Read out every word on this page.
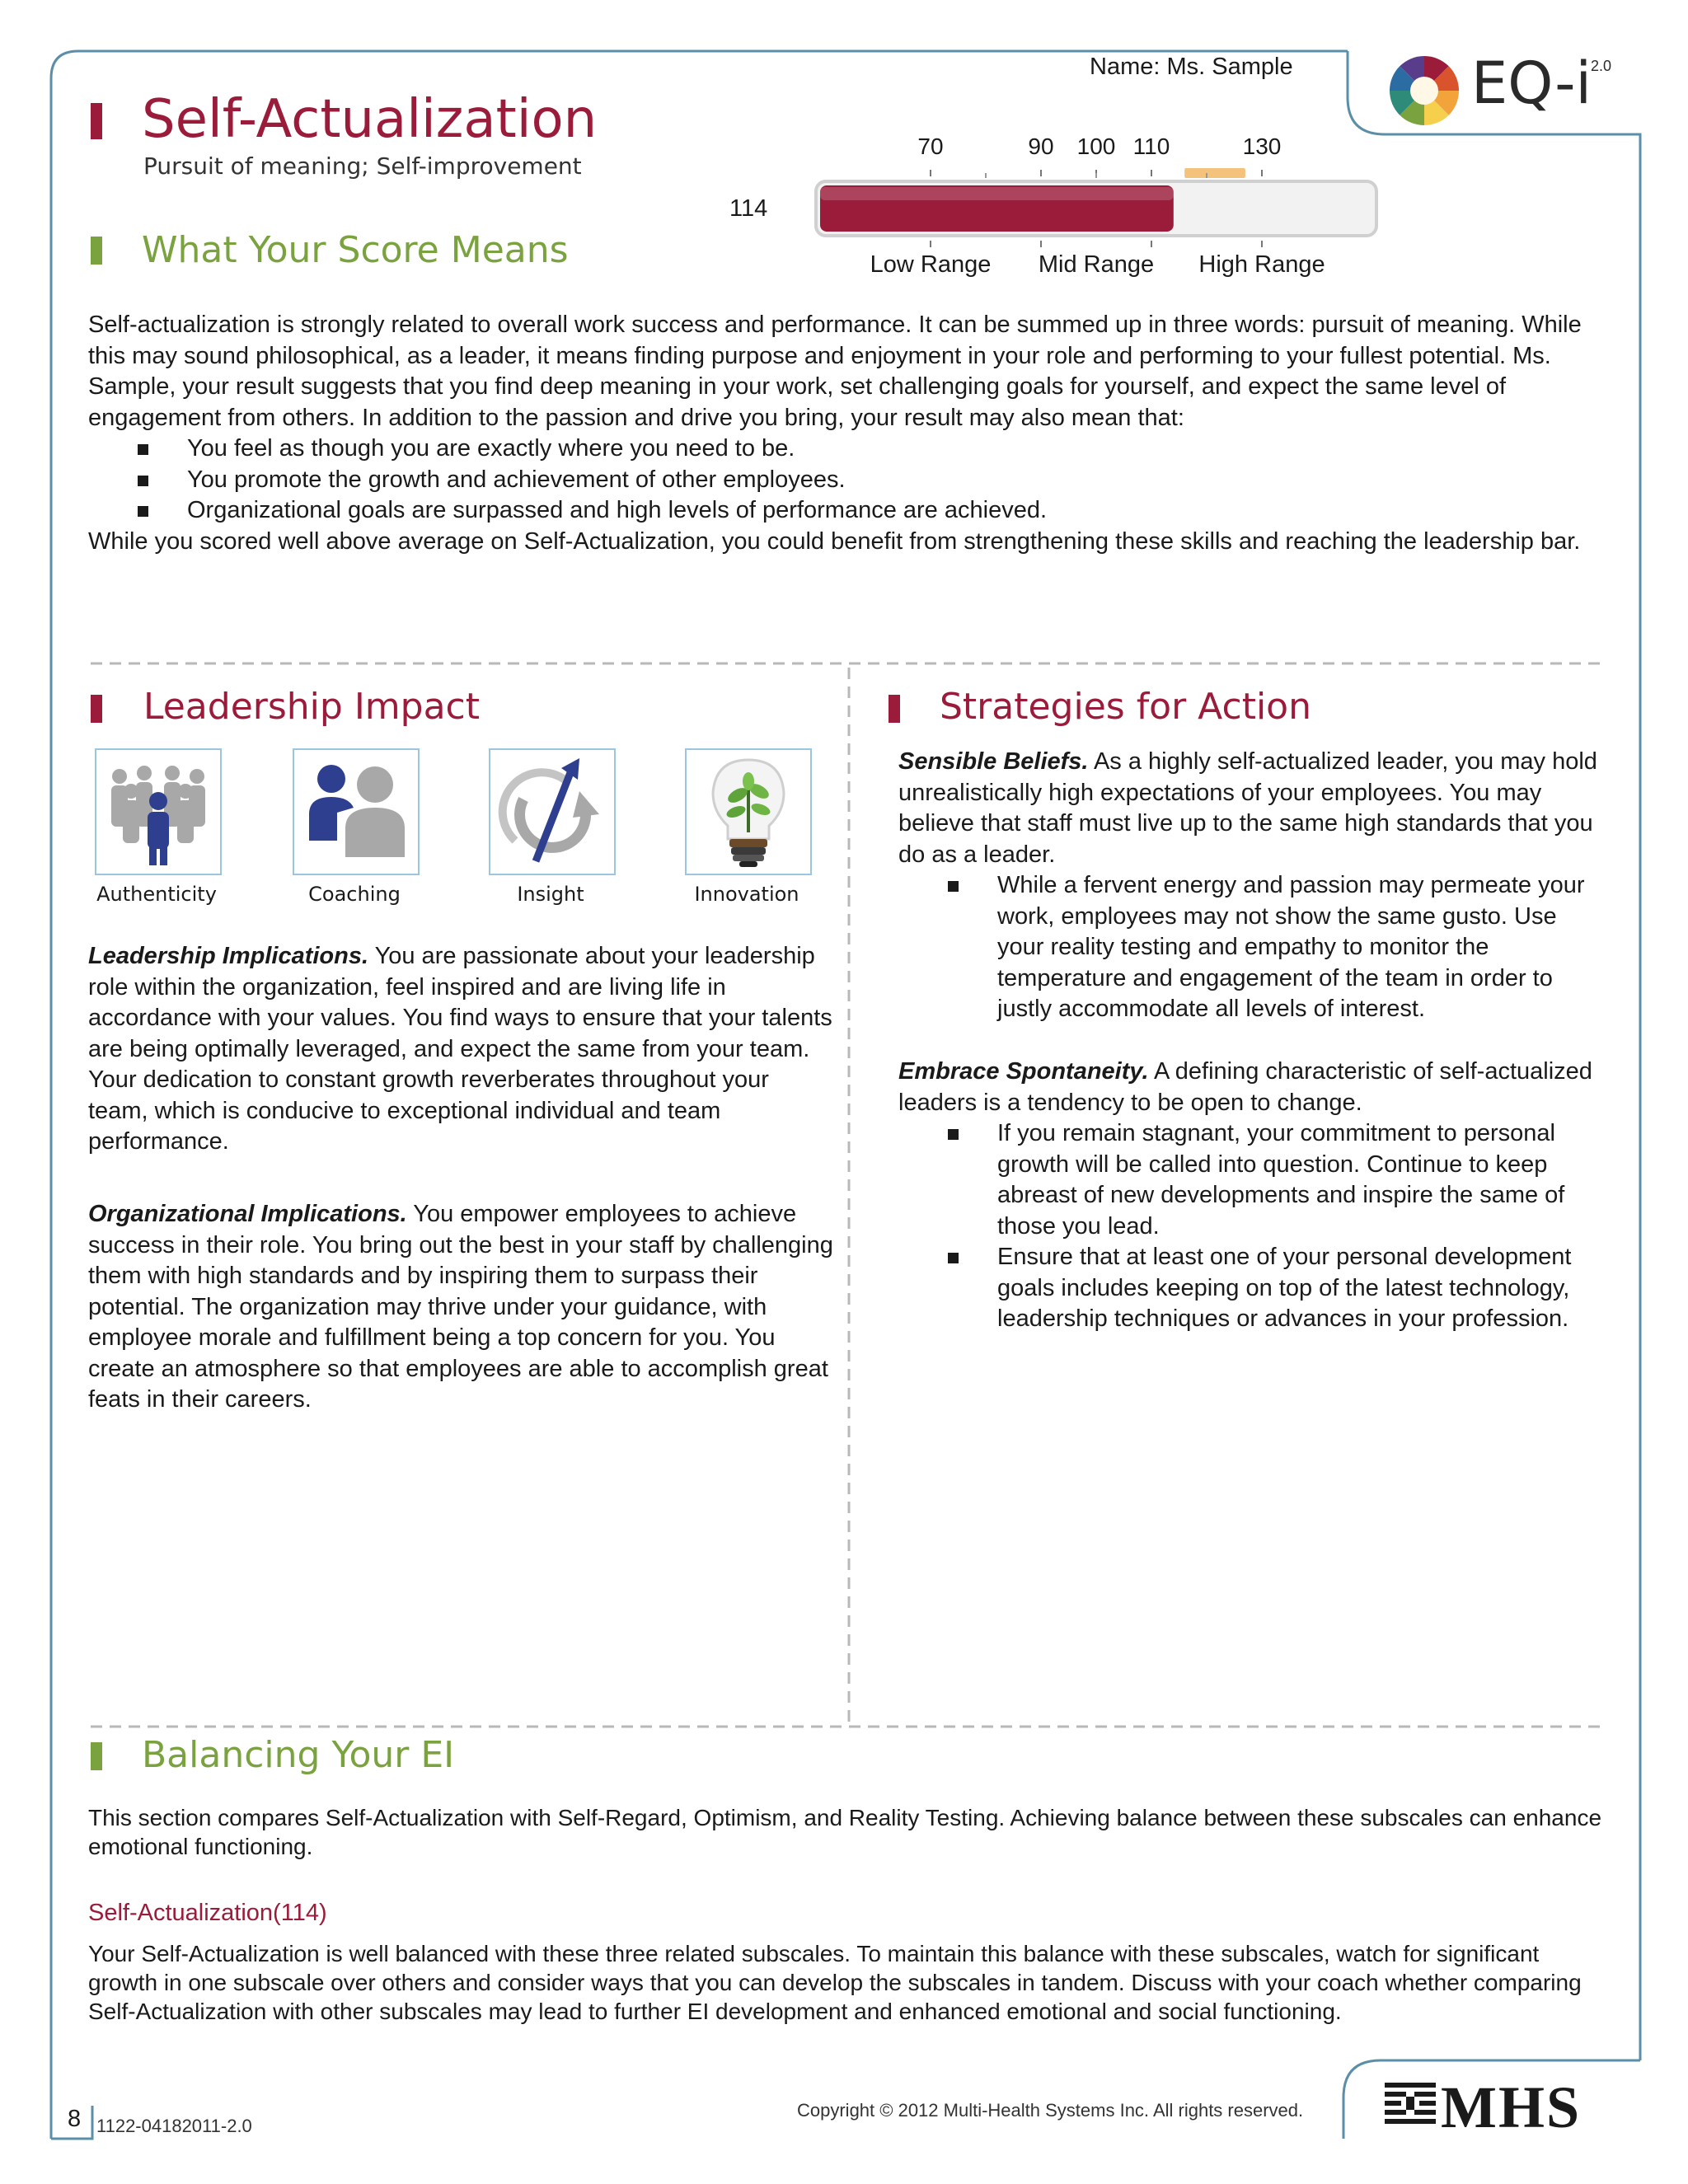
Name: Ms. Sample	EQ-i 2.0
Self-Actualization
Pursuit of meaning; Self-improvement
114
70	90 100 110	130
Low Range Mid Range High Range
What Your Score Means

Self-actualization is strongly related to overall work success and performance. It can be summed up in three words: pursuit of meaning. While this may sound philosophical, as a leader, it means finding purpose and enjoyment in your role and performing to your fullest potential. Ms. Sample, your result suggests that you find deep meaning in your work, set challenging goals for yourself, and expect the same level of engagement from others. In addition to the passion and drive you bring, your result may also mean that:

You feel as though you are exactly where you need to be.
You promote the growth and achievement of other employees.
Organizational goals are surpassed and high levels of performance are achieved.

While you scored well above average on Self-Actualization, you could benefit from strengthening these skills and reaching the leadership bar.

Leadership Impact
Authenticity	Coaching	Insight	Innovation

Leadership Implications. You are passionate about your leadership role within the organization, feel inspired and are living life in accordance with your values. You find ways to ensure that your talents are being optimally leveraged, and expect the same from your team. Your dedication to constant growth reverberates throughout your team, which is conducive to exceptional individual and team performance.

Organizational Implications. You empower employees to achieve success in their role. You bring out the best in your staff by challenging them with high standards and by inspiring them to surpass their potential. The organization may thrive under your guidance, with employee morale and fulfillment being a top concern for you. You create an atmosphere so that employees are able to accomplish great feats in their careers.

Strategies for Action

Sensible Beliefs. As a highly self-actualized leader, you may hold unrealistically high expectations of your employees. You may believe that staff must live up to the same high standards that you do as a leader.

While a fervent energy and passion may permeate your work, employees may not show the same gusto. Use your reality testing and empathy to monitor the temperature and engagement of the team in order to justly accommodate all levels of interest.

Embrace Spontaneity. A defining characteristic of self-actualized leaders is a tendency to be open to change.

If you remain stagnant, your commitment to personal growth will be called into question. Continue to keep abreast of new developments and inspire the same of those you lead.
Ensure that at least one of your personal development goals includes keeping on top of the latest technology, leadership techniques or advances in your profession.
Balancing Your EI
This section compares Self-Actualization with Self-Regard, Optimism, and Reality Testing. Achieving balance between these subscales can enhance emotional functioning.
Self-Actualization(114)
Your Self-Actualization is well balanced with these three related subscales. To maintain this balance with these subscales, watch for significant growth in one subscale over others and consider ways that you can develop the subscales in tandem. Discuss with your coach whether comparing Self-Actualization with other subscales may lead to further EI development and enhanced emotional and social functioning.
8 1122-04182011-2.0
Copyright © 2012 Multi-Health Systems Inc. All rights reserved. MHS
